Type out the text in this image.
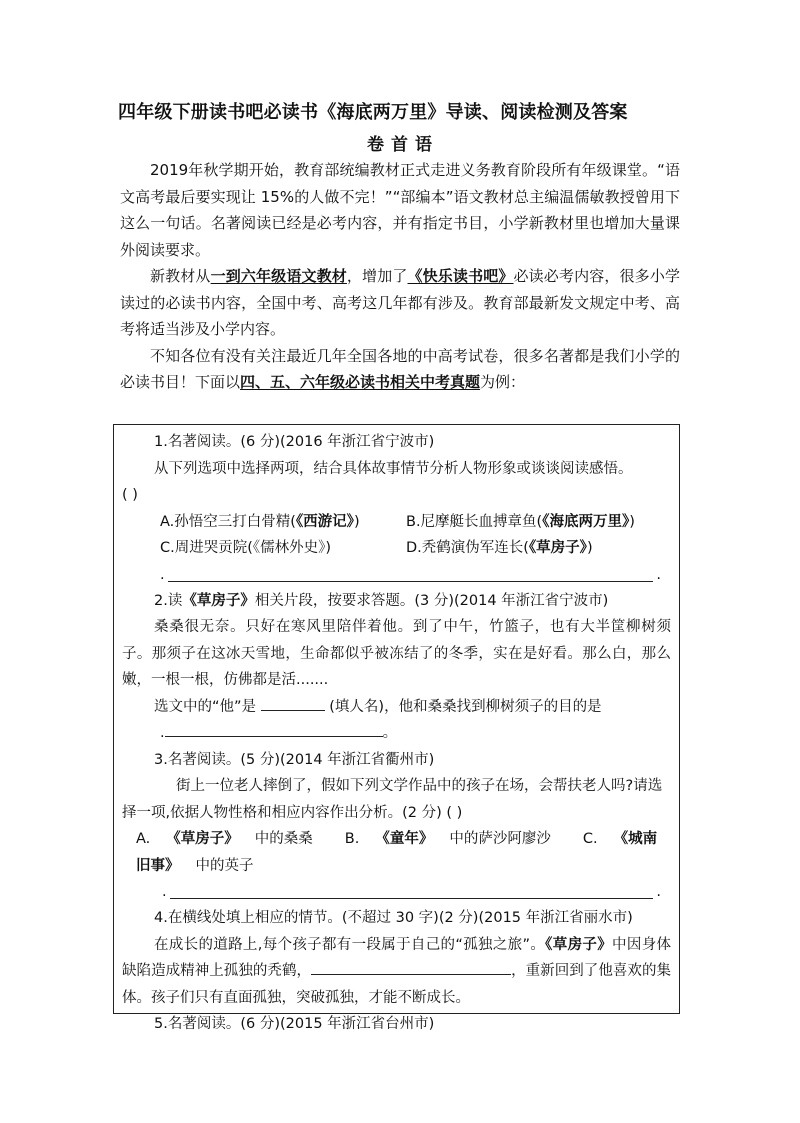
四年级下册读书吧必读书《海底两万里》导读、阅读检测及答案
卷首语

2019年秋学期开始，教育部统编教材正式走进义务教育阶段所有年级课堂。“语文高考最后要实现让 15%的人做不完！”“部编本”语文教材总主编温儒敏教授曾用下这么一句话。名著阅读已经是必考内容，并有指定书目，小学新教材里也增加大量课外阅读要求。

新教材从一到六年级语文教材，增加了《快乐读书吧》必读必考内容，很多小学读过的必读书内容，全国中考、高考这几年都有涉及。教育部最新发文规定中考、高考将适当涉及小学内容。

不知各位有没有关注最近几年全国各地的中高考试卷，很多名著都是我们小学的必读书目！下面以四、五、六年级必读书相关中考真题为例：

1.名著阅读。(6 分)(2016 年浙江省宁波市)
从下列选项中选择两项，结合具体故事情节分析人物形象或谈谈阅读感悟。
( )
A.孙悟空三打白骨精(《西游记》)	B.尼摩艇长血搏章鱼(《海底两万里》)
C.周进哭贡院(《儒林外史》)	D.秃鹤演伪军连长(《草房子》)
.
.
2.读《草房子》相关片段，按要求答题。(3 分)(2014 年浙江省宁波市)
桑桑很无奈。只好在寒风里陪伴着他。到了中午，竹篮子，也有大半筐柳树须子。那须子在这冰天雪地，生命都似乎被冻结了的冬季，实在是好看。那么白，那么嫩，一根一根，仿佛都是活.......
选文中的“他”是	(填人名)，他和桑桑找到柳树须子的目的是
.	。
3.名著阅读。(5 分)(2014 年浙江省衢州市)
街上一位老人摔倒了，假如下列文学作品中的孩子在场，会帮扶老人吗?请选择一项,依据人物性格和相应内容作出分析。(2 分) ( )
A. 《草房子》 中的桑桑 B. 《童年》 中的萨沙阿廖沙 C. 《城南旧事》 中的英子
.
.
4.在横线处填上相应的情节。(不超过 30 字)(2 分)(2015 年浙江省丽水市)
在成长的道路上,每个孩子都有一段属于自己的“孤独之旅”。《草房子》中因身体缺陷造成精神上孤独的秃鹤，	，重新回到了他喜欢的集体。孩子们只有直面孤独，突破孤独，才能不断成长。
5.名著阅读。(6 分)(2015 年浙江省台州市)
